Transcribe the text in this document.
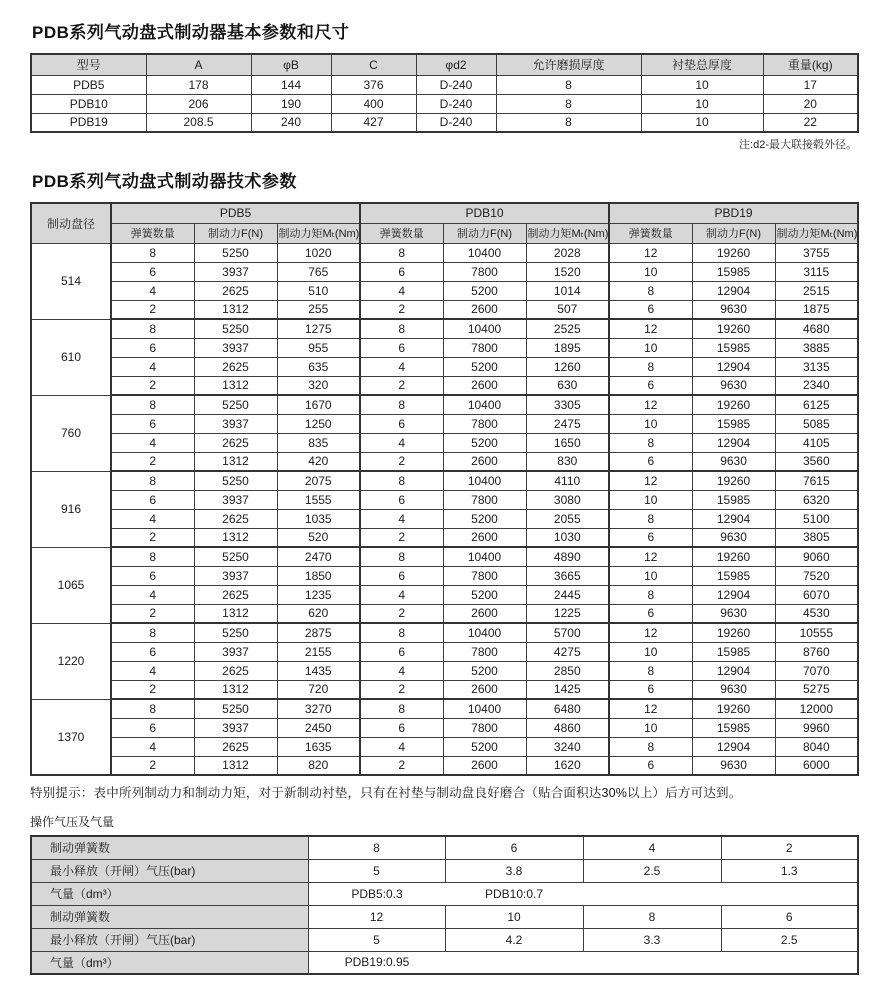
PDB系列气动盘式制动器基本参数和尺寸
型号	A	φB	C	φd2	允许磨损厚度	衬垫总厚度	重量(kg)
PDB5	178	144	376	D-240	8	10	17
PDB10	206	190	400	D-240	8	10	20
PDB19	208.5	240	427	D-240	8	10	22
注:d2-最大联接毂外径。
PDB系列气动盘式制动器技术参数
制动盘径	PDB5			PDB10			PBD19		
	弹簧数量	制动力F(N)	制动力矩Mₜ(Nm)	弹簧数量	制动力F(N)	制动力矩Mₜ(Nm)	弹簧数量	制动力F(N)	制动力矩Mₜ(Nm)
514	8	5250	1020	8	10400	2028	12	19260	3755
	6	3937	765	6	7800	1520	10	15985	3115
	4	2625	510	4	5200	1014	8	12904	2515
	2	1312	255	2	2600	507	6	9630	1875
610	8	5250	1275	8	10400	2525	12	19260	4680
	6	3937	955	6	7800	1895	10	15985	3885
	4	2625	635	4	5200	1260	8	12904	3135
	2	1312	320	2	2600	630	6	9630	2340
760	8	5250	1670	8	10400	3305	12	19260	6125
	6	3937	1250	6	7800	2475	10	15985	5085
	4	2625	835	4	5200	1650	8	12904	4105
	2	1312	420	2	2600	830	6	9630	3560
916	8	5250	2075	8	10400	4110	12	19260	7615
	6	3937	1555	6	7800	3080	10	15985	6320
	4	2625	1035	4	5200	2055	8	12904	5100
	2	1312	520	2	2600	1030	6	9630	3805
1065	8	5250	2470	8	10400	4890	12	19260	9060
	6	3937	1850	6	7800	3665	10	15985	7520
	4	2625	1235	4	5200	2445	8	12904	6070
	2	1312	620	2	2600	1225	6	9630	4530
1220	8	5250	2875	8	10400	5700	12	19260	10555
	6	3937	2155	6	7800	4275	10	15985	8760
	4	2625	1435	4	5200	2850	8	12904	7070
	2	1312	720	2	2600	1425	6	9630	5275
1370	8	5250	3270	8	10400	6480	12	19260	12000
	6	3937	2450	6	7800	4860	10	15985	9960
	4	2625	1635	4	5200	3240	8	12904	8040
	2	1312	820	2	2600	1620	6	9630	6000

特别提示：表中所列制动力和制动力矩，对于新制动衬垫，只有在衬垫与制动盘良好磨合（贴合面积达30%以上）后方可达到。

操作气压及气量
制动弹簧数	8	6	4	2
最小释放（开闸）气压(bar)	5	3.8	2.5	1.3
气量（dm³）	PDB5:0.3 PDB10:0.7			
制动弹簧数	12	10	8	6
最小释放（开闸）气压(bar)	5	4.2	3.3	2.5
气量（dm³）	PDB19:0.95			
